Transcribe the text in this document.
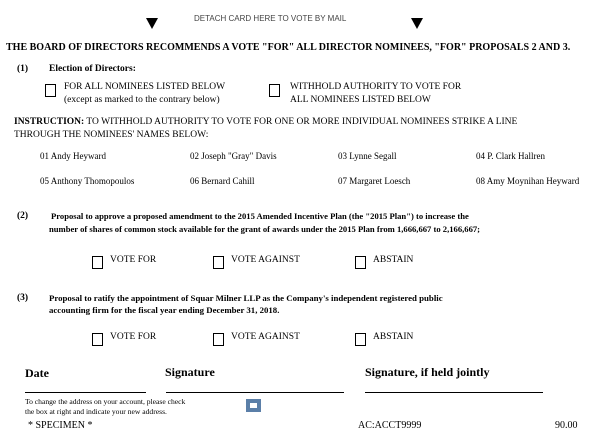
DETACH CARD HERE TO VOTE BY MAIL
THE BOARD OF DIRECTORS RECOMMENDS A VOTE "FOR" ALL DIRECTOR NOMINEES, "FOR" PROPOSALS 2 AND 3.
(1) Election of Directors:
FOR ALL NOMINEES LISTED BELOW
(except as marked to the contrary below)
WITHHOLD AUTHORITY TO VOTE FOR
ALL NOMINEES LISTED BELOW
INSTRUCTION: TO WITHHOLD AUTHORITY TO VOTE FOR ONE OR MORE INDIVIDUAL NOMINEES STRIKE A LINE
THROUGH THE NOMINEES' NAMES BELOW:
01 Andy Heyward	02 Joseph "Gray" Davis	03 Lynne Segall	04 P. Clark Hallren
05 Anthony Thomopoulos	06 Bernard Cahill	07 Margaret Loesch	08 Amy Moynihan Heyward
(2)	Proposal to approve a proposed amendment to the 2015 Amended Incentive Plan (the "2015 Plan") to increase the
number of shares of common stock available for the grant of awards under the 2015 Plan from 1,666,667 to 2,166,667;
VOTE FOR	VOTE AGAINST	ABSTAIN
(3) Proposal to ratify the appointment of Squar Milner LLP as the Company's independent registered public
accounting firm for the fiscal year ending December 31, 2018.
VOTE FOR	VOTE AGAINST	ABSTAIN
Date	Signature	Signature, if held jointly
To change the address on your account, please check
the box at right and indicate your new address.
* SPECIMEN *	AC:ACCT9999	90.00
